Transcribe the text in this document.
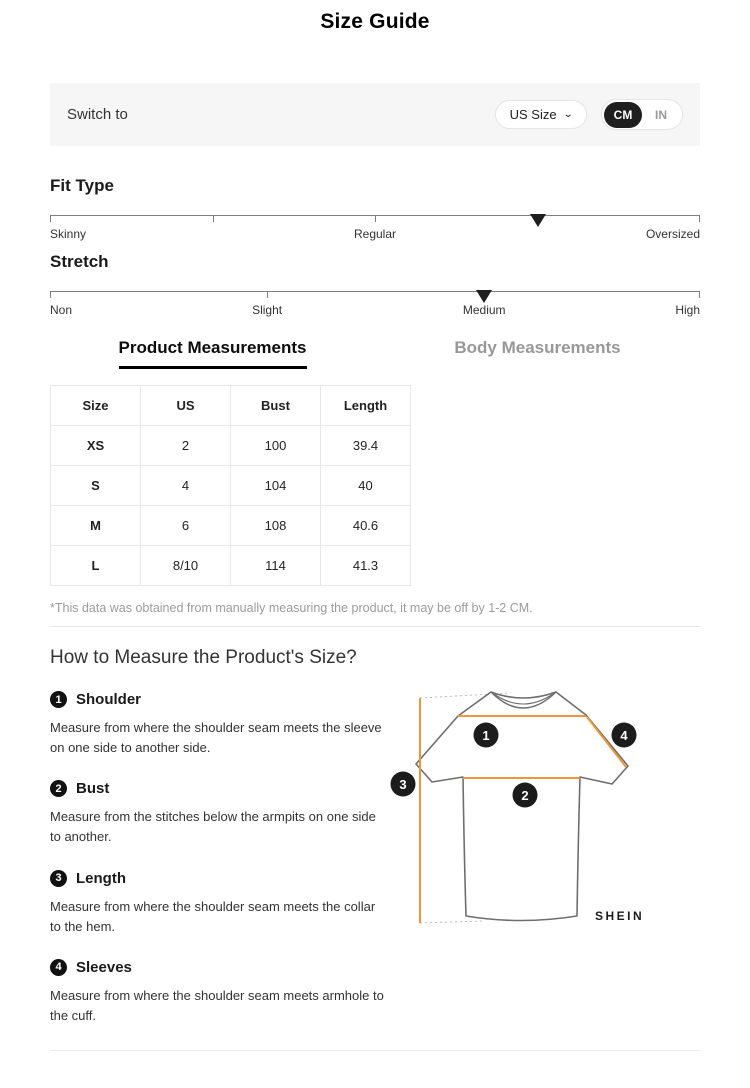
Size Guide
Switch to	US Size ⌄	CM	IN
Fit Type
Skinny	Regular	Oversized
Stretch
Non	Slight	Medium	High
Product Measurements	Body Measurements
Size	US	Bust	Length
XS	2	100	39.4
S	4	104	40
M	6	108	40.6
L	8/10	114	41.3

*This data was obtained from manually measuring the product, it may be off by 1-2 CM.

How to Measure the Product's Size?
1 Shoulder

Measure from where the shoulder seam meets the sleeve on one side to another side.

2 Bust

Measure from the stitches below the armpits on one side to another.

3 Length

Measure from where the shoulder seam meets the collar to the hem.

4 Sleeves

Measure from where the shoulder seam meets armhole to the cuff.

1
2
3
4
SHEIN
